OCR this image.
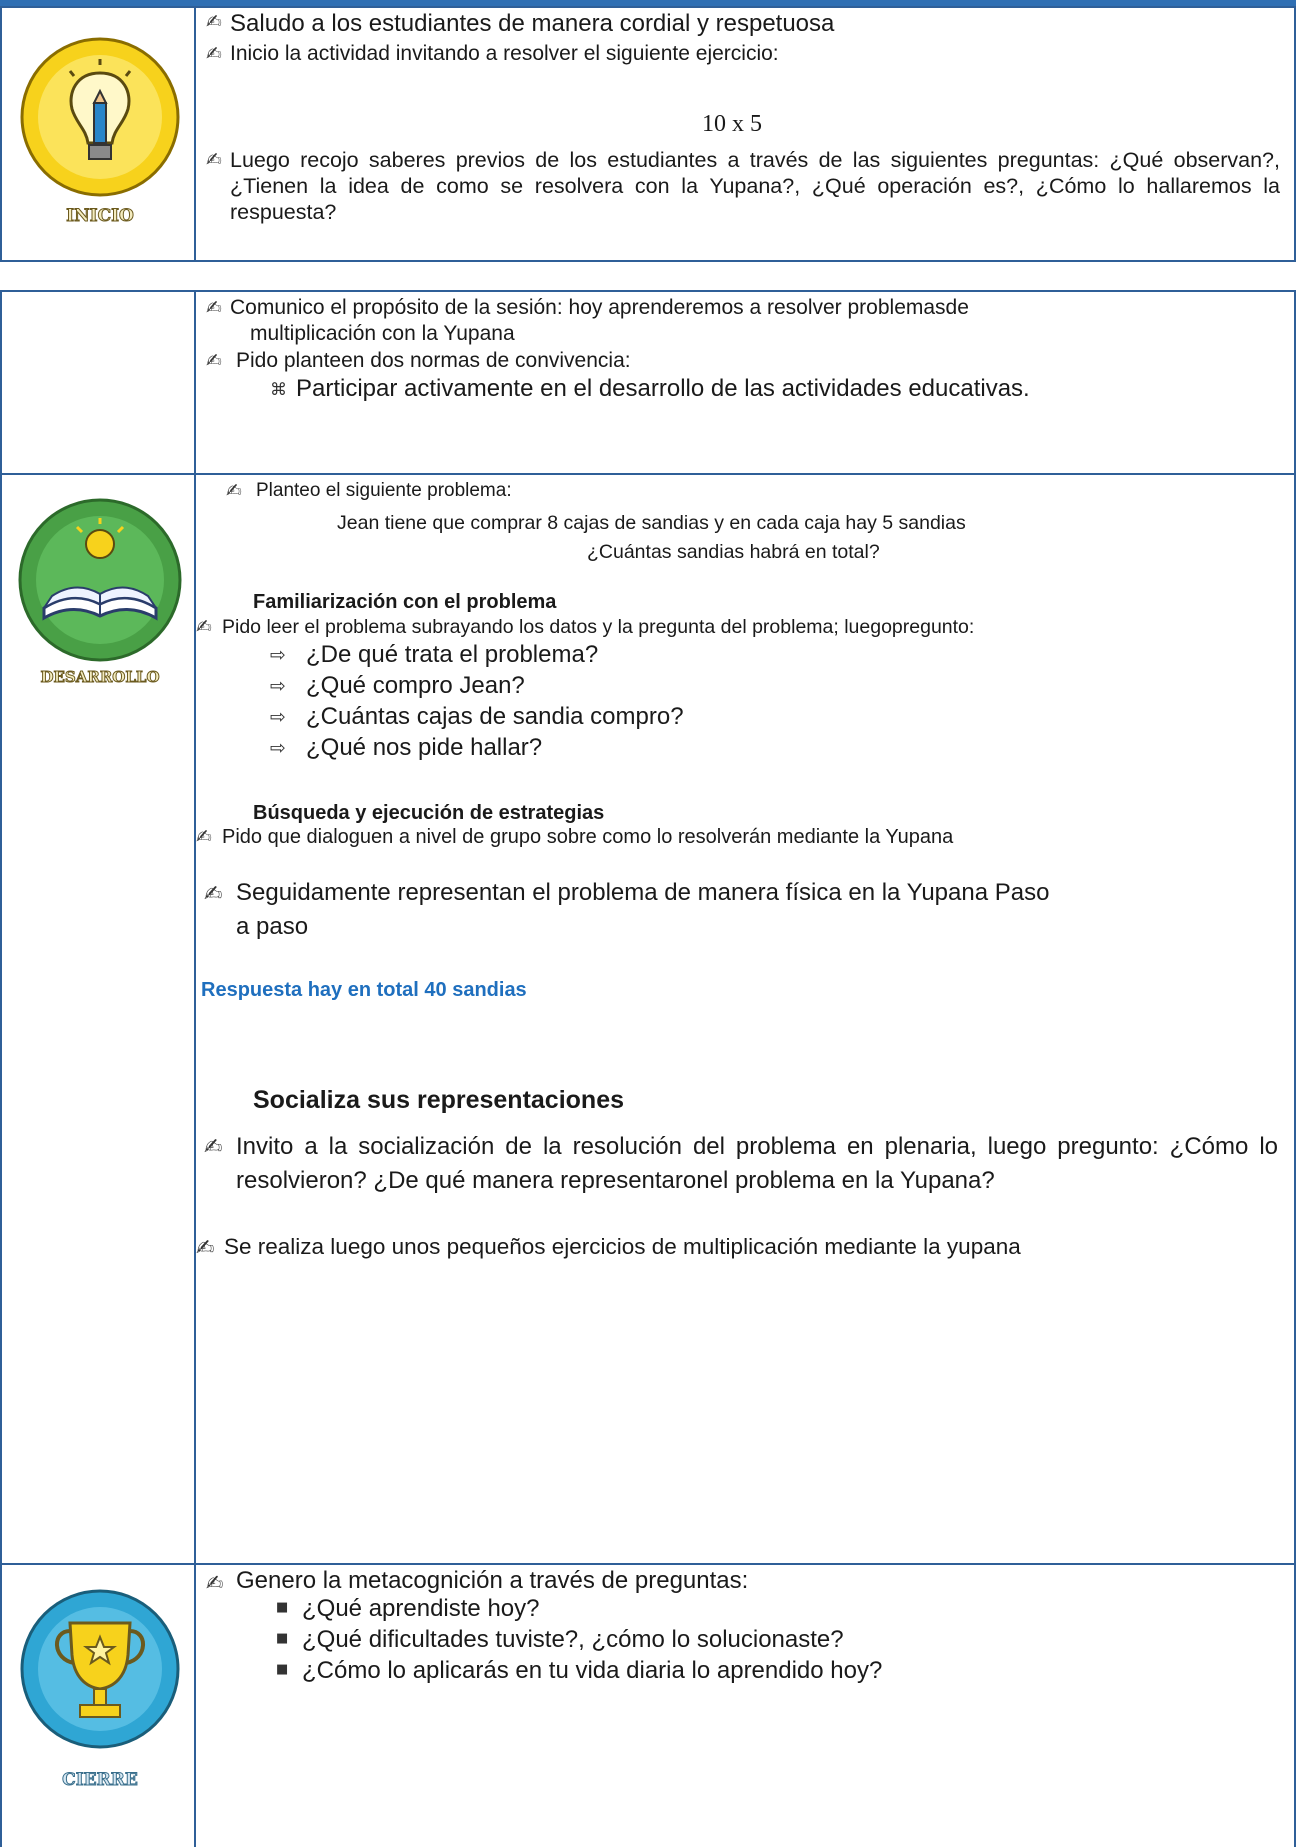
INICIO
✍ Saludo a los estudiantes de manera cordial y respetuosa
✍ Inicio la actividad invitando a resolver el siguiente ejercicio:
10 x 5
✍ Luego recojo saberes previos de los estudiantes a través de las siguientes preguntas: ¿Qué observan?, ¿Tienen la idea de como se resolvera con la Yupana?, ¿Qué operación es?, ¿Cómo lo hallaremos la respuesta?
✍ Comunico el propósito de la sesión: hoy aprenderemos a resolver problemasde
multiplicación con la Yupana
✍ Pido planteen dos normas de convivencia:
⌘ Participar activamente en el desarrollo de las actividades educativas.
DESARROLLO
✍ Planteo el siguiente problema:
Jean tiene que comprar 8 cajas de sandias y en cada caja hay 5 sandias
¿Cuántas sandias habrá en total?
Familiarización con el problema
✍ Pido leer el problema subrayando los datos y la pregunta del problema; luegopregunto:
⇨ ¿De qué trata el problema?
⇨ ¿Qué compro Jean?
⇨ ¿Cuántas cajas de sandia compro?
⇨ ¿Qué nos pide hallar?
Búsqueda y ejecución de estrategias
✍ Pido que dialoguen a nivel de grupo sobre como lo resolverán mediante la Yupana
✍ Seguidamente representan el problema de manera física en la Yupana Paso
a paso
Respuesta hay en total 40 sandias
Socializa sus representaciones
✍ Invito a la socialización de la resolución del problema en plenaria, luego pregunto: ¿Cómo lo resolvieron? ¿De qué manera representaronel problema en la Yupana?
✍ Se realiza luego unos pequeños ejercicios de multiplicación mediante la yupana
CIERRE
✍ Genero la metacognición a través de preguntas:
■ ¿Qué aprendiste hoy?
■ ¿Qué dificultades tuviste?, ¿cómo lo solucionaste?
■ ¿Cómo lo aplicarás en tu vida diaria lo aprendido hoy?
